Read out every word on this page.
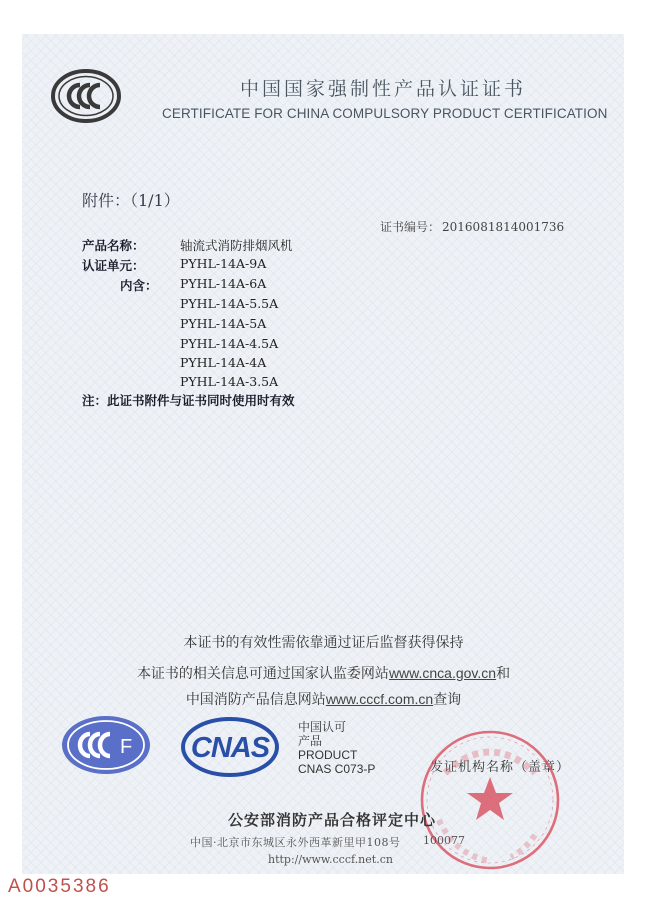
中国国家强制性产品认证证书
CERTIFICATE FOR CHINA COMPULSORY PRODUCT CERTIFICATION
附件：（1/1）
证书编号： 2016081814001736
产品名称：	轴流式消防排烟风机
认证单元：	PYHL-14A-9A
内含： PYHL-14A-6A
PYHL-14A-5.5A
PYHL-14A-5A
PYHL-14A-4.5A
PYHL-14A-4A
PYHL-14A-3.5A
注：此证书附件与证书同时使用时有效
本证书的有效性需依靠通过证后监督获得保持
本证书的相关信息可通过国家认监委网站www.cnca.gov.cn和
中国消防产品信息网站www.cccf.com.cn查询
F CNAS
中国认可
产品
PRODUCT
CNAS C073-P	发证机构名称（盖章）
公安部消防产品合格评定中心
中国·北京市东城区永外西革新里甲108号 100077
http://www.cccf.net.cn
A0035386
